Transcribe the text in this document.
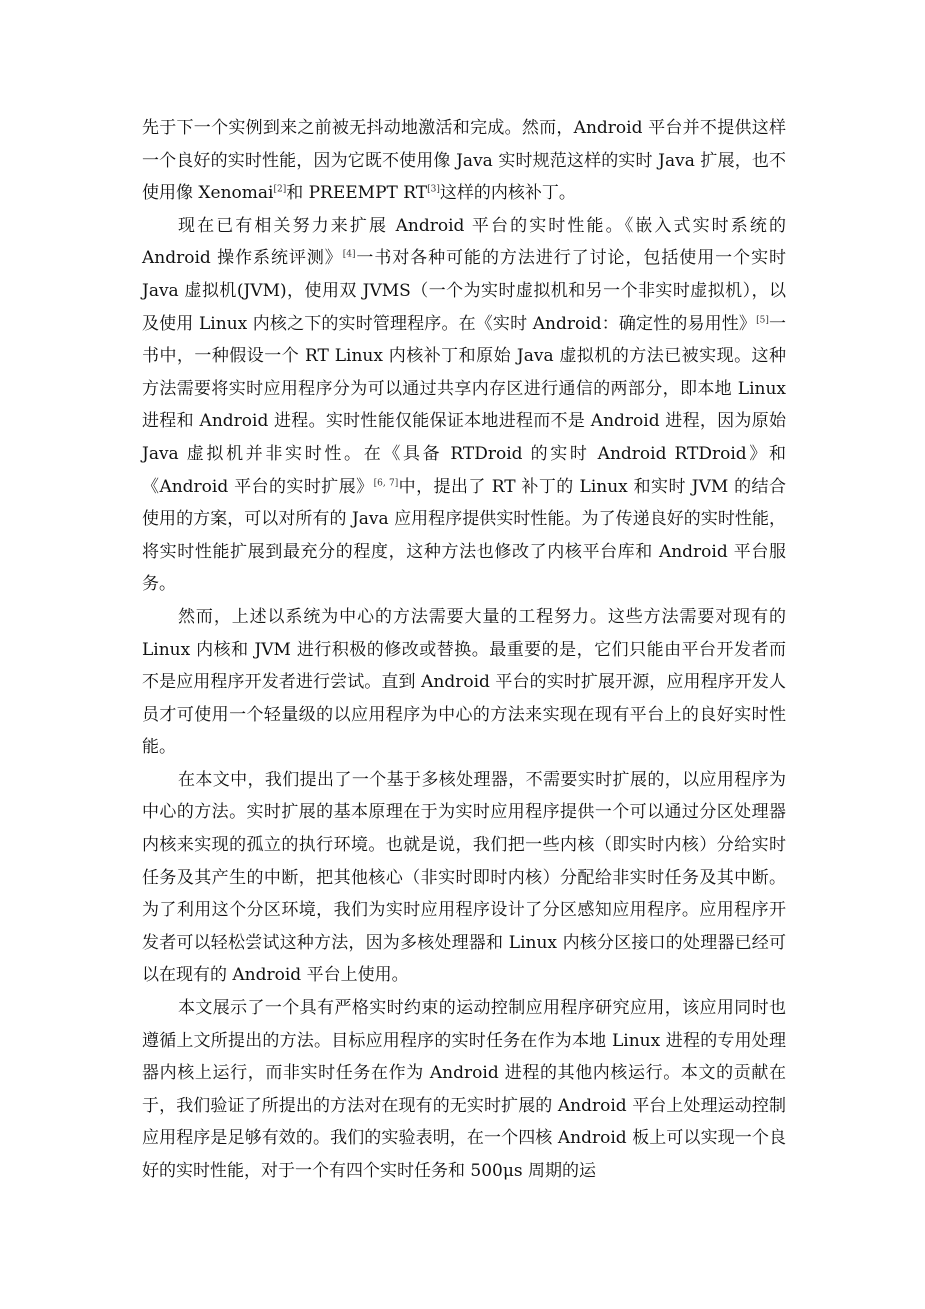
先于下一个实例到来之前被无抖动地激活和完成。然而，Android 平台并不提供这样一个良好的实时性能，因为它既不使用像 Java 实时规范这样的实时 Java 扩展，也不使用像 Xenomai[2]和 PREEMPT RT[3]这样的内核补丁。

现在已有相关努力来扩展 Android 平台的实时性能。《嵌入式实时系统的 Android 操作系统评测》[4]一书对各种可能的方法进行了讨论，包括使用一个实时 Java 虚拟机(JVM)，使用双 JVMS（一个为实时虚拟机和另一个非实时虚拟机），以及使用 Linux 内核之下的实时管理程序。在《实时 Android：确定性的易用性》[5]一书中，一种假设一个 RT Linux 内核补丁和原始 Java 虚拟机的方法已被实现。这种方法需要将实时应用程序分为可以通过共享内存区进行通信的两部分，即本地 Linux 进程和 Android 进程。实时性能仅能保证本地进程而不是 Android 进程，因为原始 Java 虚拟机并非实时性。在《具备 RTDroid 的实时 Android RTDroid》和《Android 平台的实时扩展》[6, 7]中，提出了 RT 补丁的 Linux 和实时 JVM 的结合使用的方案，可以对所有的 Java 应用程序提供实时性能。为了传递良好的实时性能，将实时性能扩展到最充分的程度，这种方法也修改了内核平台库和 Android 平台服务。

然而，上述以系统为中心的方法需要大量的工程努力。这些方法需要对现有的 Linux 内核和 JVM 进行积极的修改或替换。最重要的是，它们只能由平台开发者而不是应用程序开发者进行尝试。直到 Android 平台的实时扩展开源，应用程序开发人员才可使用一个轻量级的以应用程序为中心的方法来实现在现有平台上的良好实时性能。

在本文中，我们提出了一个基于多核处理器，不需要实时扩展的，以应用程序为中心的方法。实时扩展的基本原理在于为实时应用程序提供一个可以通过分区处理器内核来实现的孤立的执行环境。也就是说，我们把一些内核（即实时内核）分给实时任务及其产生的中断，把其他核心（非实时即时内核）分配给非实时任务及其中断。为了利用这个分区环境，我们为实时应用程序设计了分区感知应用程序。应用程序开发者可以轻松尝试这种方法，因为多核处理器和 Linux 内核分区接口的处理器已经可以在现有的 Android 平台上使用。

本文展示了一个具有严格实时约束的运动控制应用程序研究应用，该应用同时也遵循上文所提出的方法。目标应用程序的实时任务在作为本地 Linux 进程的专用处理器内核上运行，而非实时任务在作为 Android 进程的其他内核运行。本文的贡献在于，我们验证了所提出的方法对在现有的无实时扩展的 Android 平台上处理运动控制应用程序是足够有效的。我们的实验表明，在一个四核 Android 板上可以实现一个良好的实时性能，对于一个有四个实时任务和 500μs 周期的运
